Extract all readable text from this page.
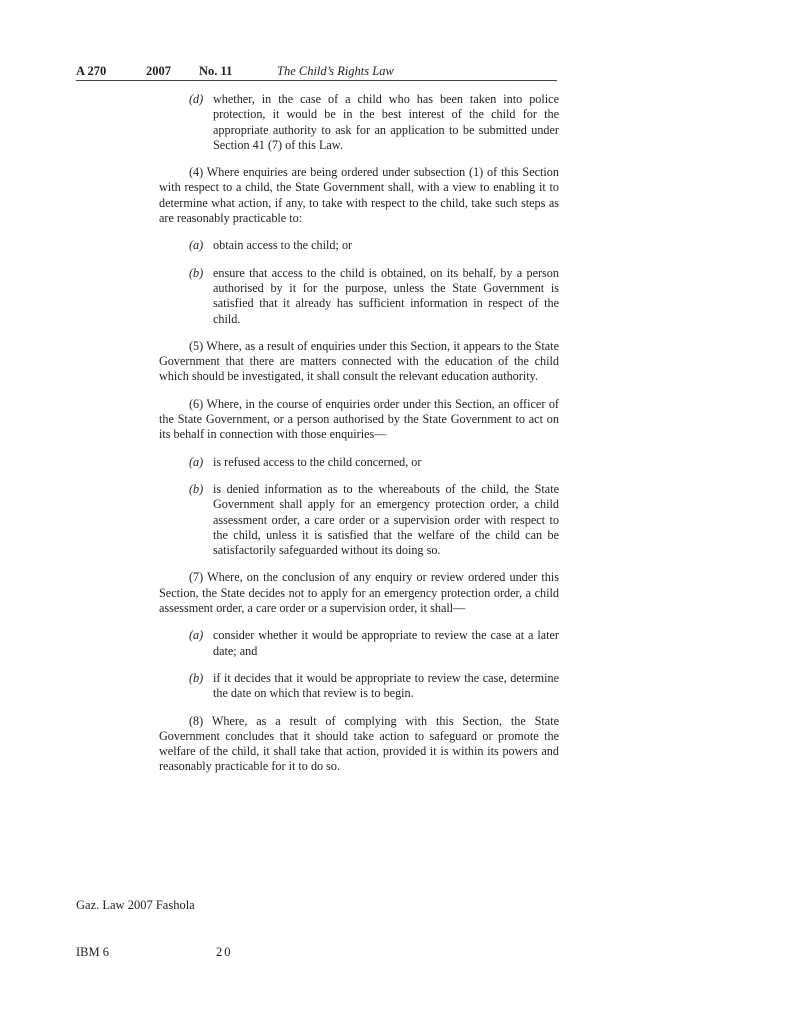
A 270	2007 No. 11	The Child’s Rights Law
(d) whether, in the case of a child who has been taken into police protection, it would be in the best interest of the child for the appropriate authority to ask for an application to be submitted under Section 41 (7) of this Law.

(4) Where enquiries are being ordered under subsection (1) of this Section with respect to a child, the State Government shall, with a view to enabling it to determine what action, if any, to take with respect to the child, take such steps as are reasonably practicable to:

(a) obtain access to the child; or
(b) ensure that access to the child is obtained, on its behalf, by a person authorised by it for the purpose, unless the State Government is satisfied that it already has sufficient information in respect of the child.

(5) Where, as a result of enquiries under this Section, it appears to the State Government that there are matters connected with the education of the child which should be investigated, it shall consult the relevant education authority.

(6) Where, in the course of enquiries order under this Section, an officer of the State Government, or a person authorised by the State Government to act on its behalf in connection with those enquiries—

(a) is refused access to the child concerned, or
(b) is denied information as to the whereabouts of the child, the State Government shall apply for an emergency protection order, a child assessment order, a care order or a supervision order with respect to the child, unless it is satisfied that the welfare of the child can be satisfactorily safeguarded without its doing so.

(7) Where, on the conclusion of any enquiry or review ordered under this Section, the State decides not to apply for an emergency protection order, a child assessment order, a care order or a supervision order, it shall—

(a) consider whether it would be appropriate to review the case at a later date; and
(b) if it decides that it would be appropriate to review the case, determine the date on which that review is to begin.

(8) Where, as a result of complying with this Section, the State Government concludes that it should take action to safeguard or promote the welfare of the child, it shall take that action, provided it is within its powers and reasonably practicable for it to do so.

Gaz. Law 2007 Fashola
IBM 6	20
